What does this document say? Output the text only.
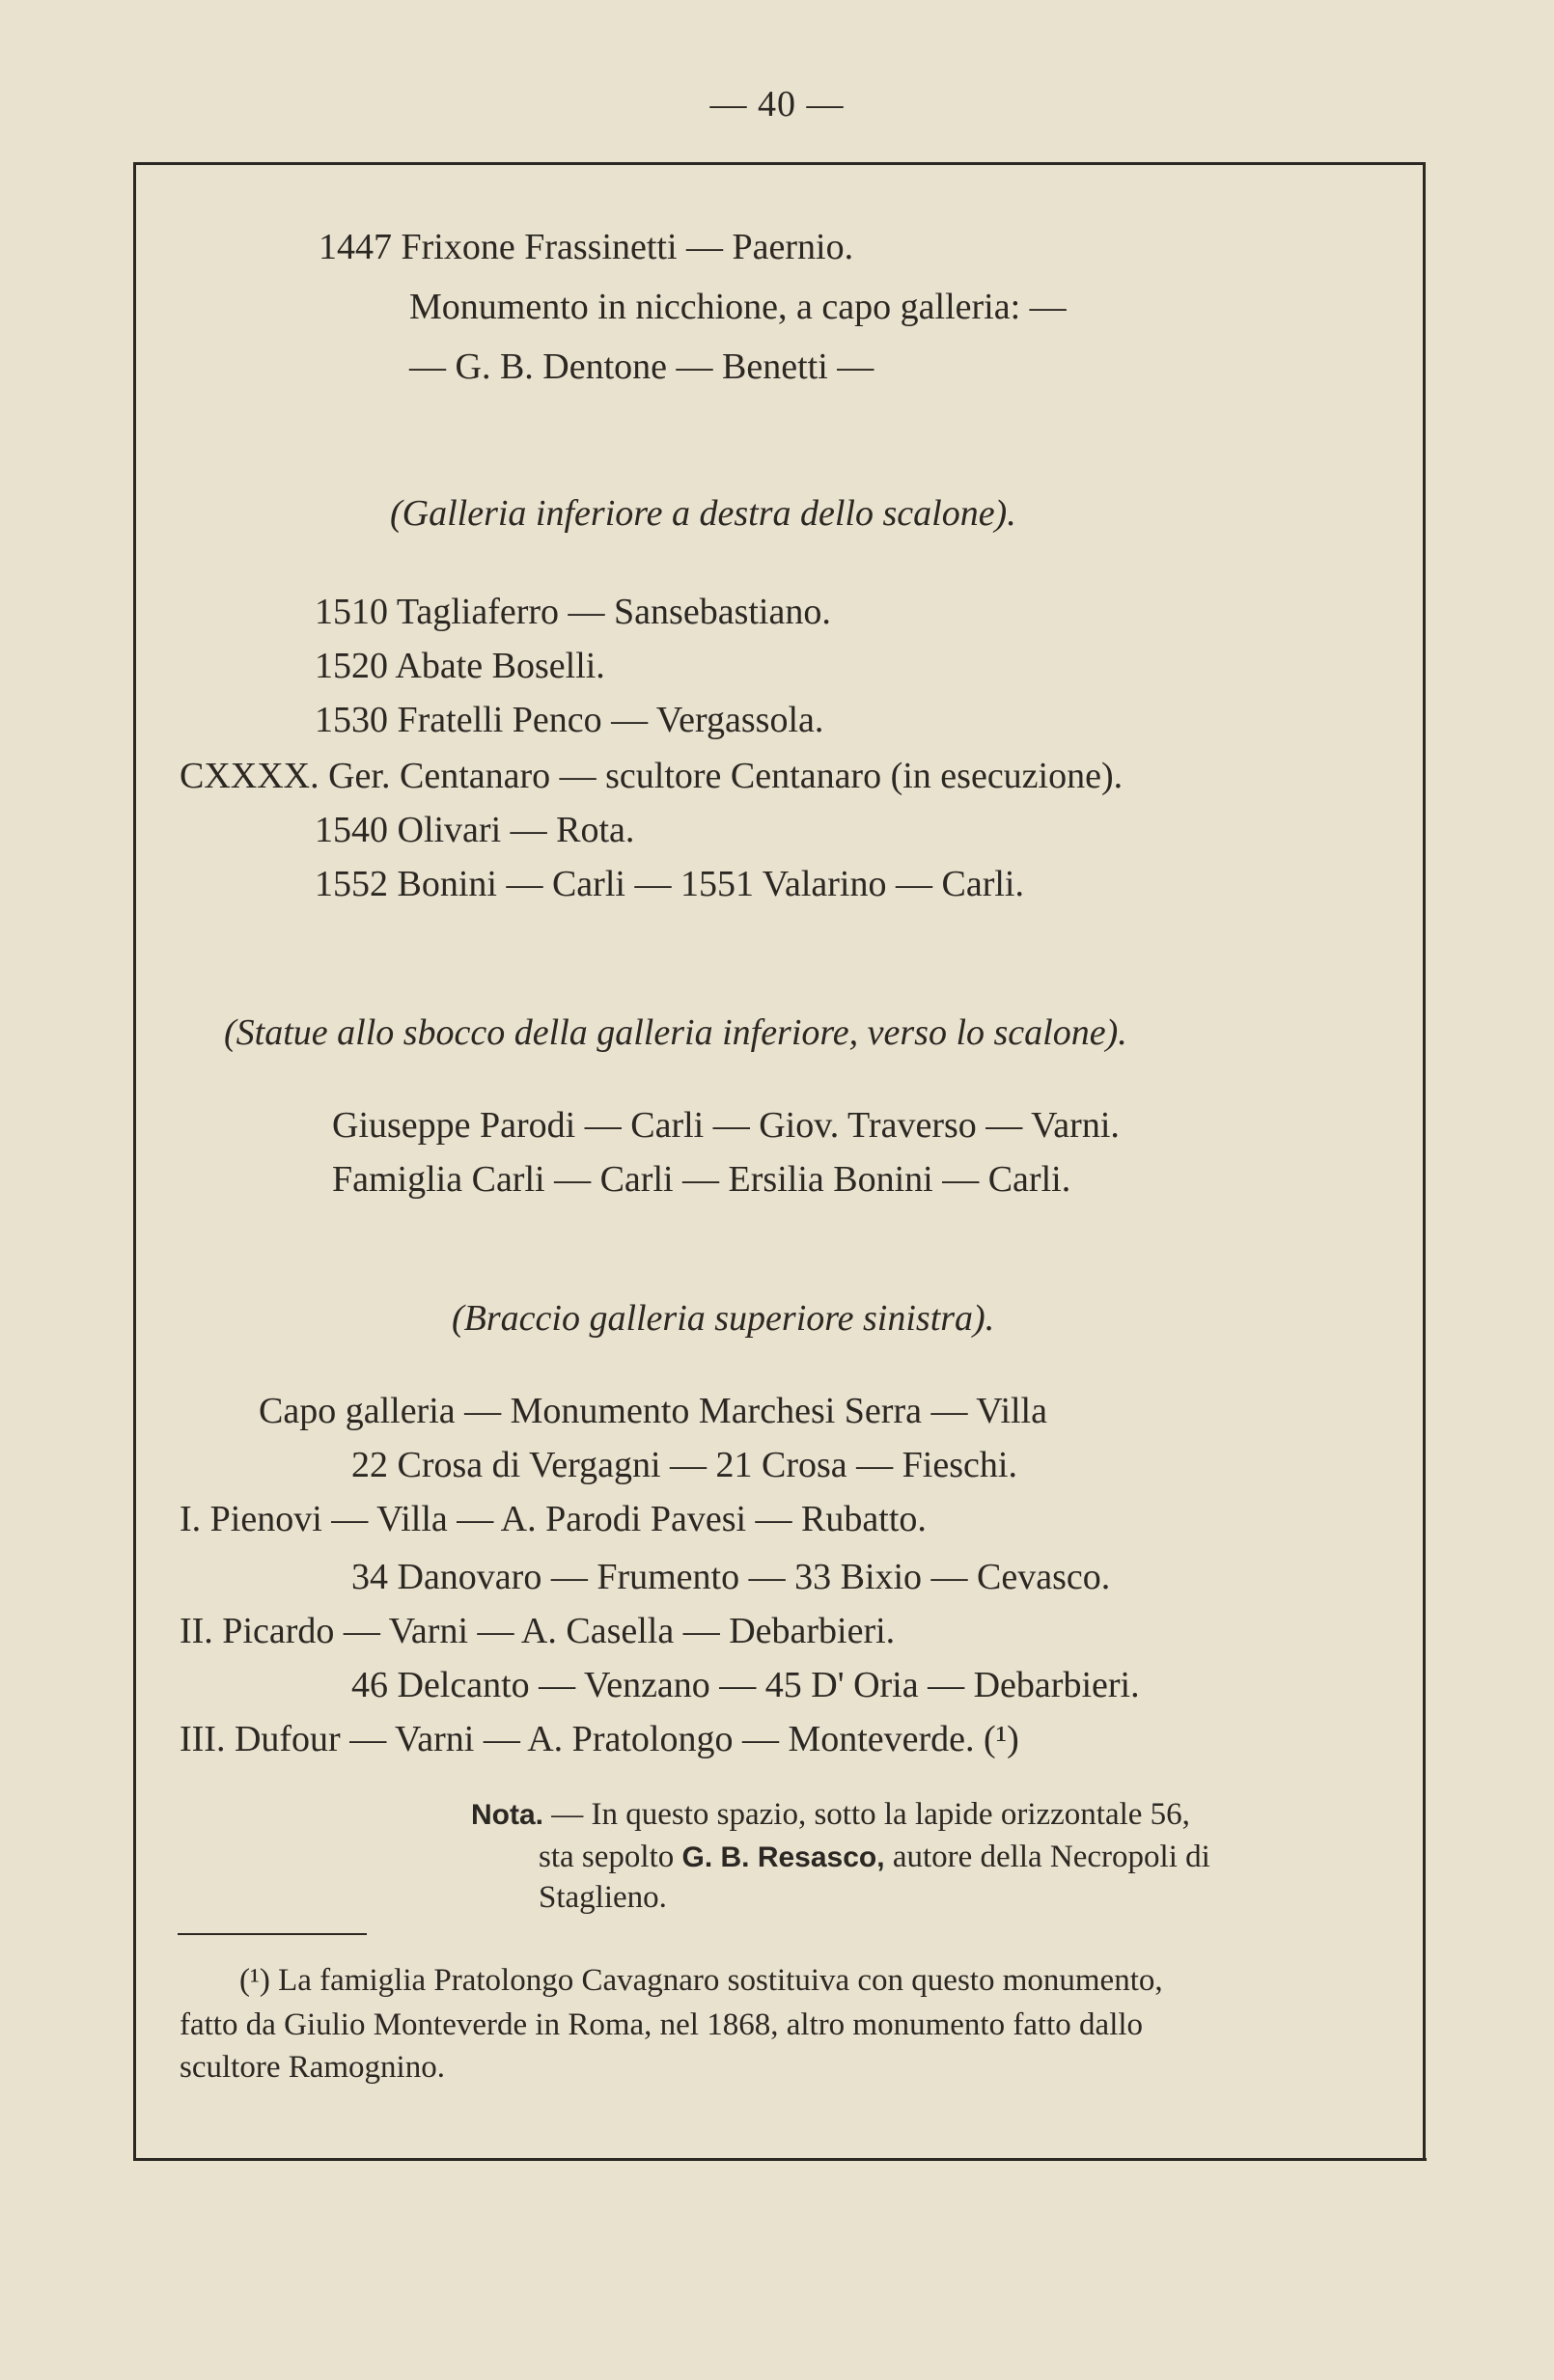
— 40 —
1447 Frixone Frassinetti — Paernio.
Monumento in nicchione, a capo galleria: —
— G. B. Dentone — Benetti —
(Galleria inferiore a destra dello scalone).
1510 Tagliaferro — Sansebastiano.
1520 Abate Boselli.
1530 Fratelli Penco — Vergassola.
CXXXX. Ger. Centanaro — scultore Centanaro (in esecuzione).
1540 Olivari — Rota.
1552 Bonini — Carli — 1551 Valarino — Carli.
(Statue allo sbocco della galleria inferiore, verso lo scalone).
Giuseppe Parodi — Carli — Giov. Traverso — Varni.
Famiglia Carli — Carli — Ersilia Bonini — Carli.
(Braccio galleria superiore sinistra).
Capo galleria — Monumento Marchesi Serra — Villa
22 Crosa di Vergagni — 21 Crosa — Fieschi.
I. Pienovi — Villa — A. Parodi Pavesi — Rubatto.
34 Danovaro — Frumento — 33 Bixio — Cevasco.
II. Picardo — Varni — A. Casella — Debarbieri.
46 Delcanto — Venzano — 45 D' Oria — Debarbieri.
III. Dufour — Varni — A. Pratolongo — Monteverde. (¹)
Nota. — In questo spazio, sotto la lapide orizzontale 56,
sta sepolto G. B. Resasco, autore della Necropoli di
Staglieno.
(¹) La famiglia Pratolongo Cavagnaro sostituiva con questo monumento,
fatto da Giulio Monteverde in Roma, nel 1868, altro monumento fatto dallo
scultore Ramognino.
